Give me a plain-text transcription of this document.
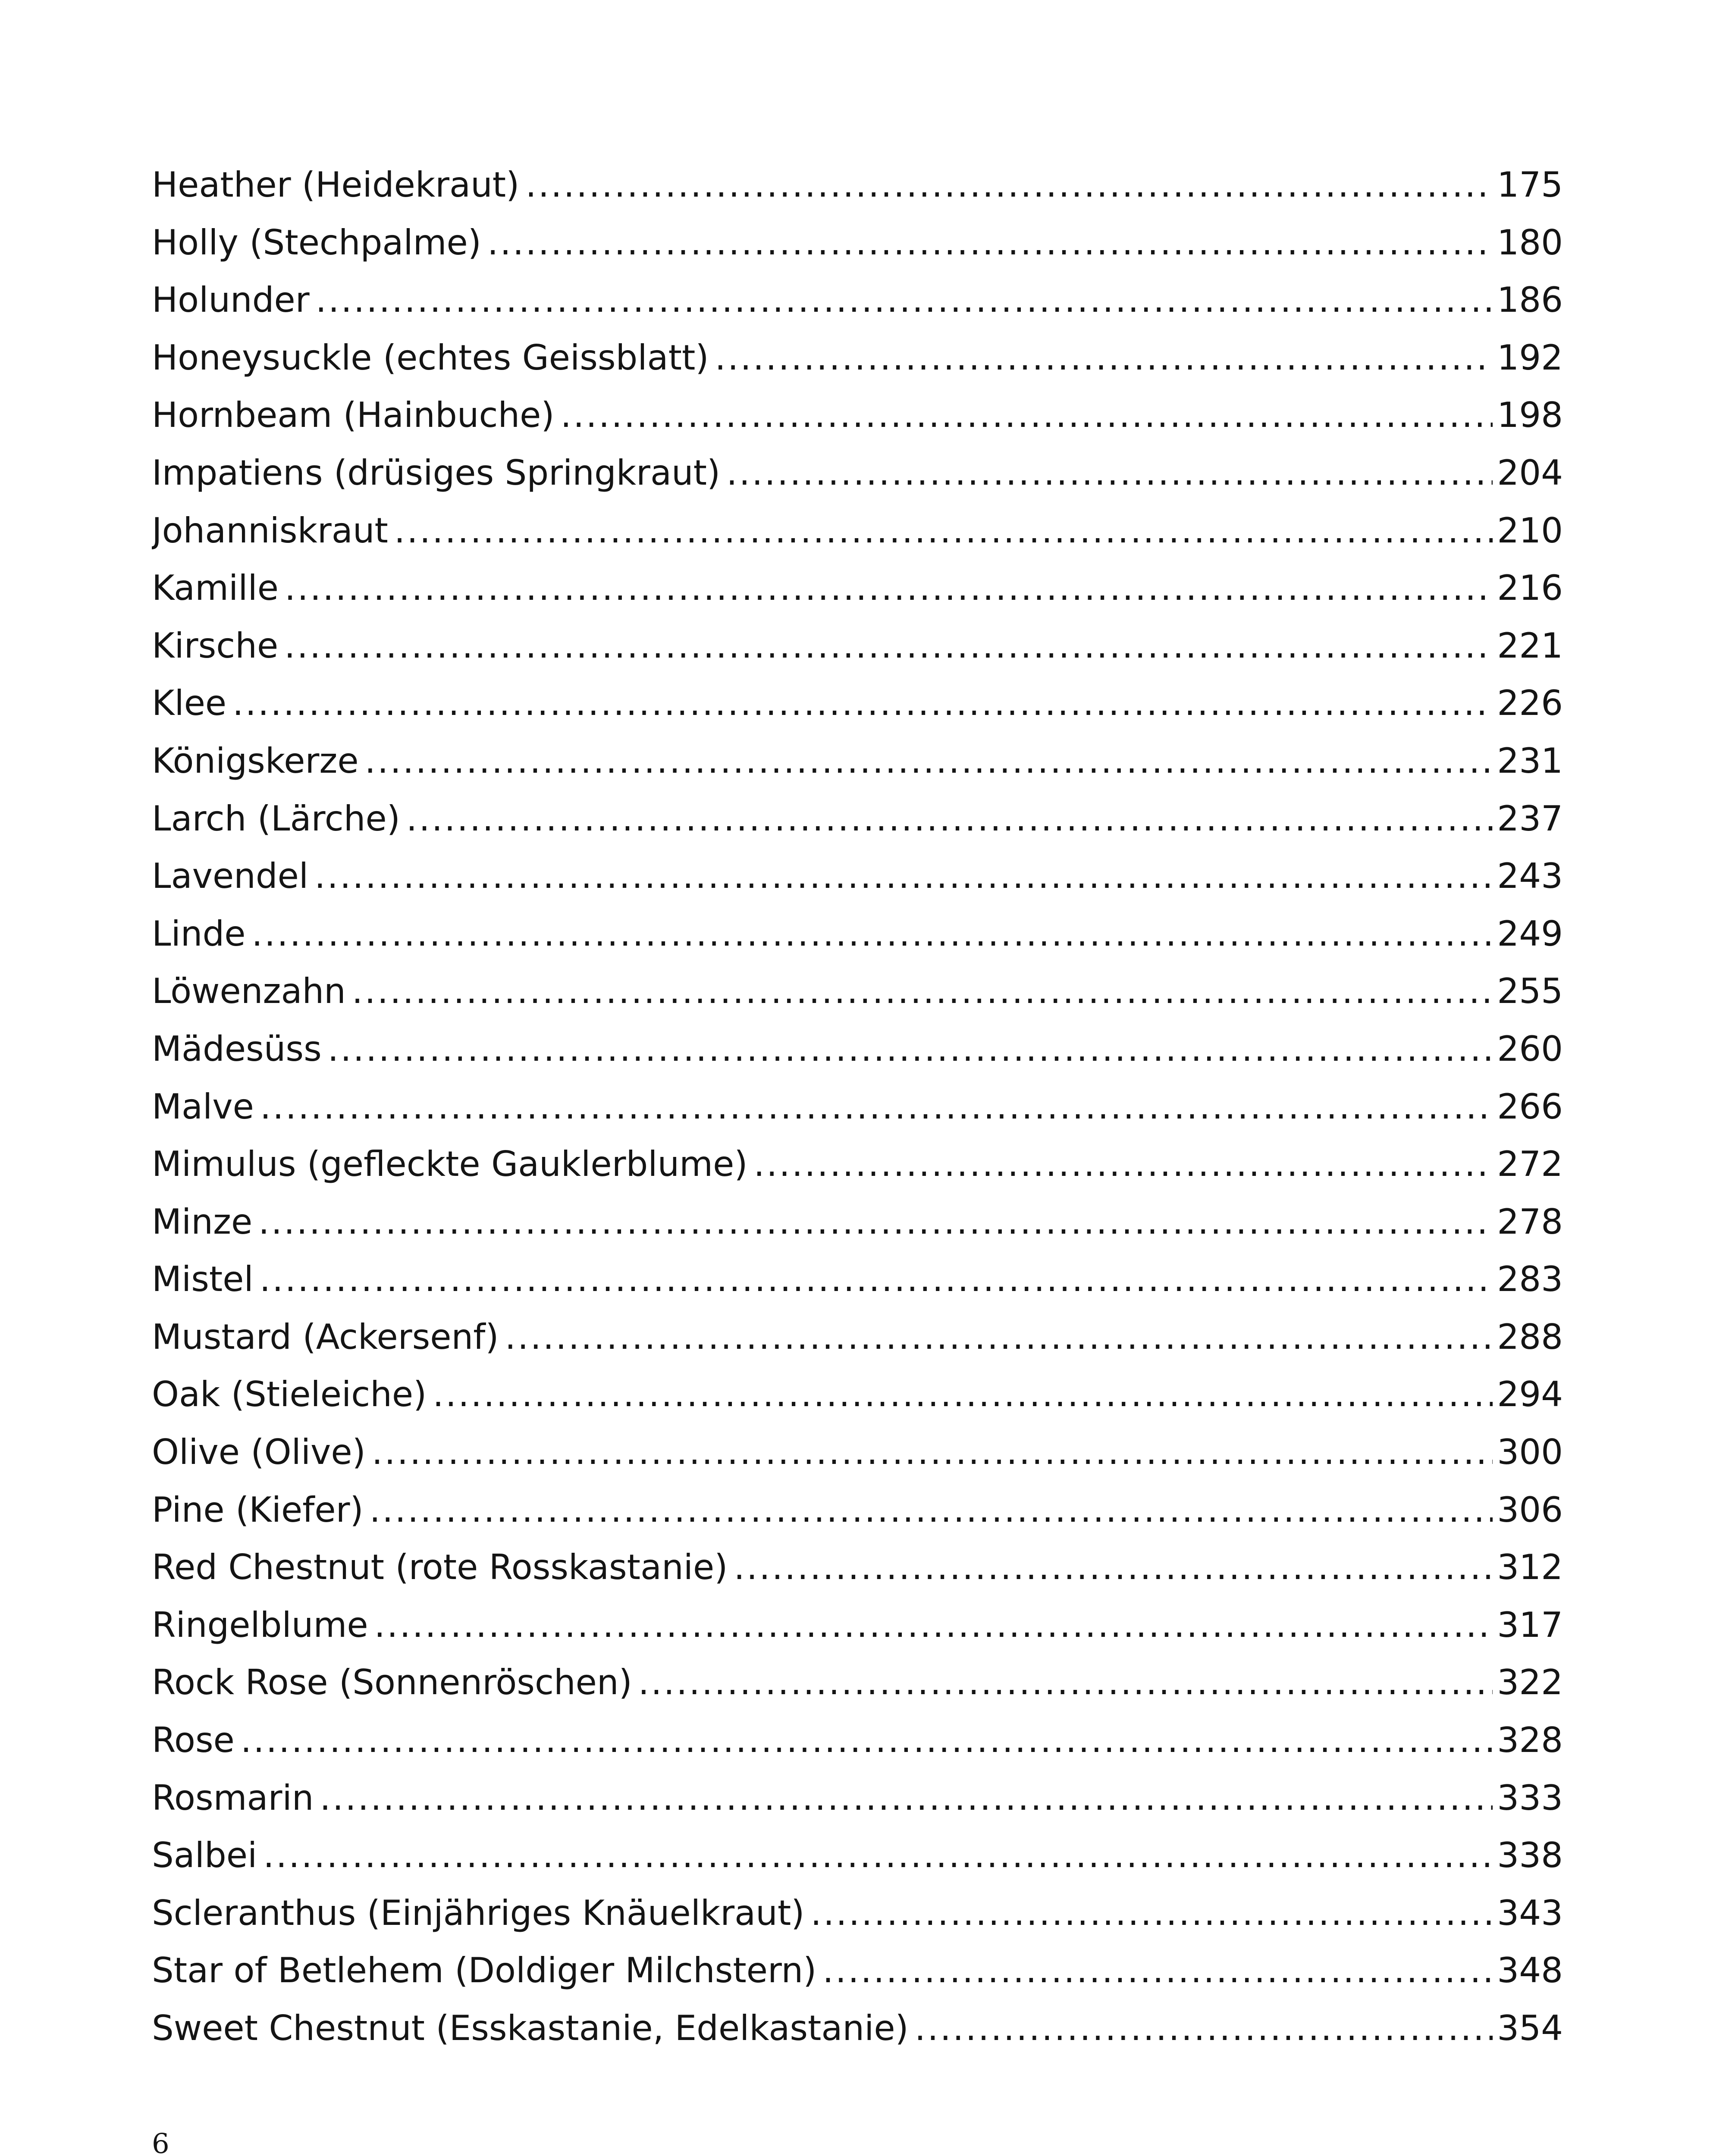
Heather (Heidekraut) .....	175
Holly (Stechpalme) .....	180
Holunder .....	186
Honeysuckle (echtes Geissblatt) .....	192
Hornbeam (Hainbuche) .....	198
Impatiens (drüsiges Springkraut) .....	204
Johanniskraut .....	210
Kamille .....	216
Kirsche .....	221
Klee .....	226
Königskerze .....	231
Larch (Lärche) .....	237
Lavendel .....	243
Linde .....	249
Löwenzahn .....	255
Mädesüss .....	260
Malve .....	266
Mimulus (gefleckte Gauklerblume) .....	272
Minze .....	278
Mistel .....	283
Mustard (Ackersenf) .....	288
Oak (Stieleiche) .....	294
Olive (Olive) .....	300
Pine (Kiefer) .....	306
Red Chestnut (rote Rosskastanie) .....	312
Ringelblume .....	317
Rock Rose (Sonnenröschen) .....	322
Rose .....	328
Rosmarin .....	333
Salbei .....	338
Scleranthus (Einjähriges Knäuelkraut) .....	343
Star of Betlehem (Doldiger Milchstern) .....	348
Sweet Chestnut (Esskastanie, Edelkastanie) .....	354
6
